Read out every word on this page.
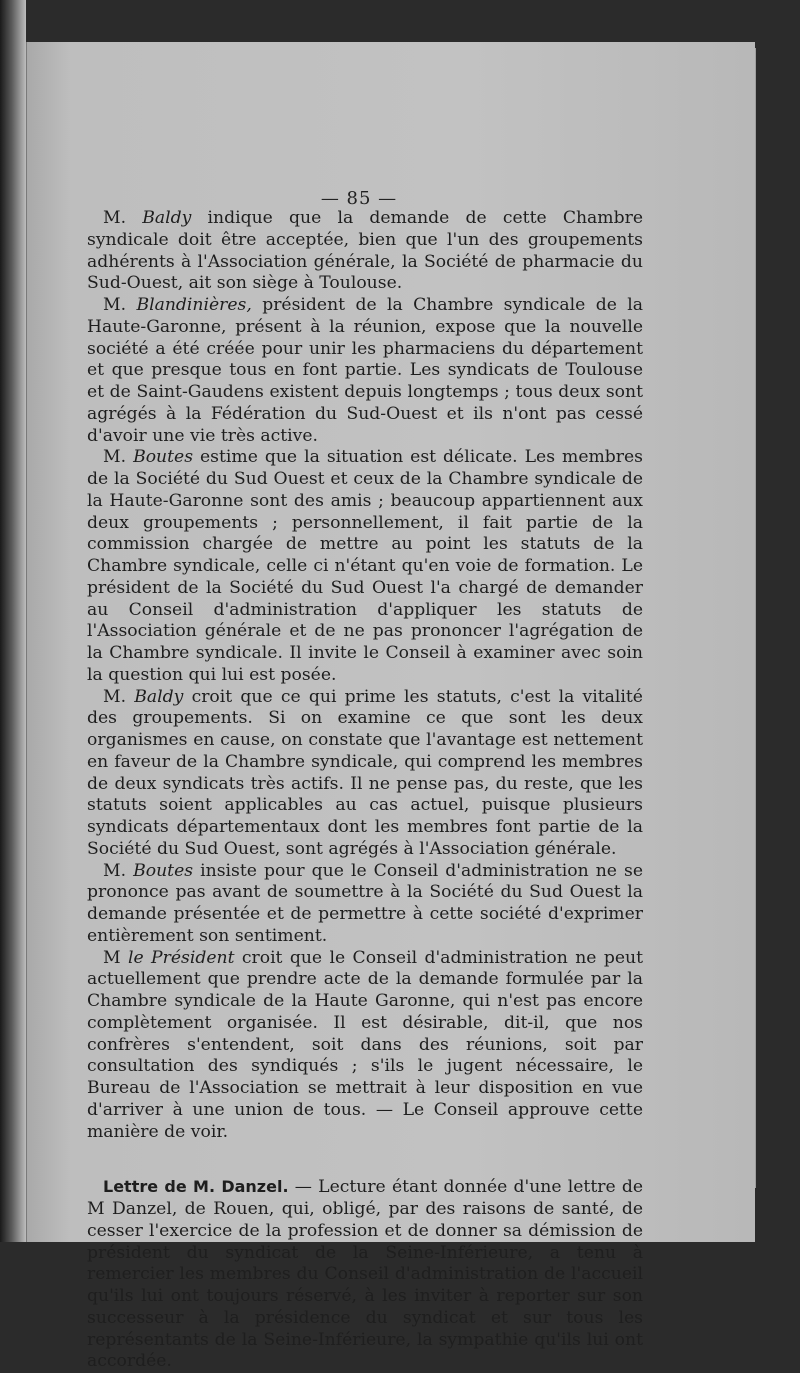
— 85 —

M. Baldy indique que la demande de cette Chambre syndicale doit être acceptée, bien que l'un des groupements adhérents à l'Association générale, la Société de pharmacie du Sud-Ouest, ait son siège à Toulouse.

M. Blandinières, président de la Chambre syndicale de la Haute-Garonne, présent à la réunion, expose que la nouvelle société a été créée pour unir les pharmaciens du département et que presque tous en font partie. Les syndicats de Toulouse et de Saint-Gaudens existent depuis longtemps ; tous deux sont agrégés à la Fédération du Sud-Ouest et ils n'ont pas cessé d'avoir une vie très active.

M. Boutes estime que la situation est délicate. Les membres de la Société du Sud Ouest et ceux de la Chambre syndicale de la Haute-Garonne sont des amis ; beaucoup appartiennent aux deux groupements ; personnellement, il fait partie de la commission chargée de mettre au point les statuts de la Chambre syndicale, celle ci n'étant qu'en voie de formation. Le président de la Société du Sud Ouest l'a chargé de demander au Conseil d'administration d'appliquer les statuts de l'Association générale et de ne pas prononcer l'agrégation de la Chambre syndicale. Il invite le Conseil à examiner avec soin la question qui lui est posée.

M. Baldy croit que ce qui prime les statuts, c'est la vitalité des groupements. Si on examine ce que sont les deux organismes en cause, on constate que l'avantage est nettement en faveur de la Chambre syndicale, qui comprend les membres de deux syndicats très actifs. Il ne pense pas, du reste, que les statuts soient applicables au cas actuel, puisque plusieurs syndicats départementaux dont les membres font partie de la Société du Sud Ouest, sont agrégés à l'Association générale.

M. Boutes insiste pour que le Conseil d'administration ne se prononce pas avant de soumettre à la Société du Sud Ouest la demande présentée et de permettre à cette société d'exprimer entièrement son sentiment.

M le Président croit que le Conseil d'administration ne peut actuellement que prendre acte de la demande formulée par la Chambre syndicale de la Haute Garonne, qui n'est pas encore complètement organisée. Il est désirable, dit-il, que nos confrères s'entendent, soit dans des réunions, soit par consultation des syndiqués ; s'ils le jugent nécessaire, le Bureau de l'Association se mettrait à leur disposition en vue d'arriver à une union de tous. — Le Conseil approuve cette manière de voir.

Lettre de M. Danzel. — Lecture étant donnée d'une lettre de M Danzel, de Rouen, qui, obligé, par des raisons de santé, de cesser l'exercice de la profession et de donner sa démission de président du syndicat de la Seine-Inférieure, a tenu à remercier les membres du Conseil d'administration de l'accueil qu'ils lui ont toujours réservé, à les inviter à reporter sur son successeur à la présidence du syndicat et sur tous les représentants de la Seine-Inférieure, la sympathie qu'ils lui ont accordée.
